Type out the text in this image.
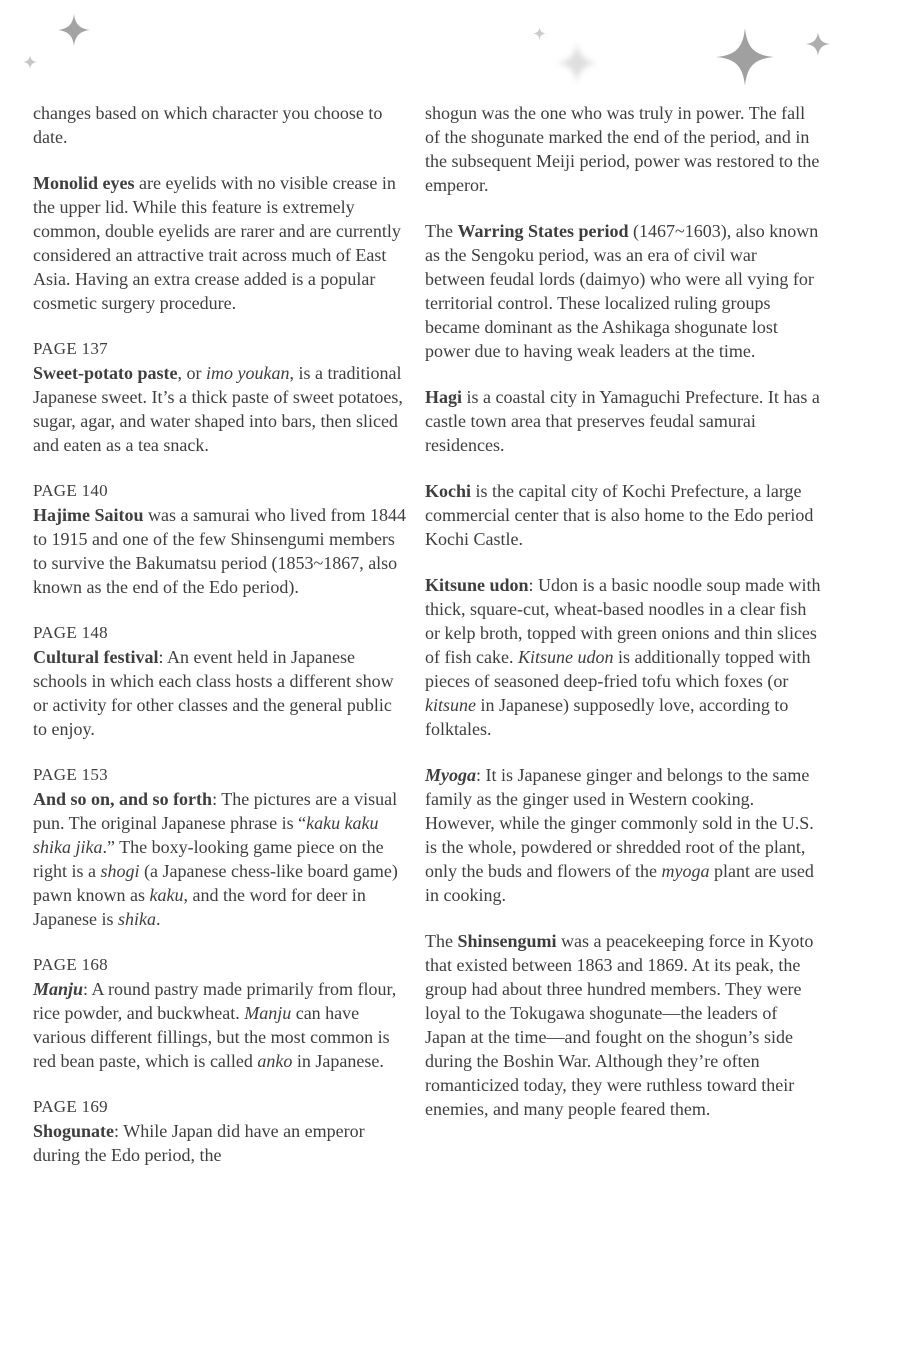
changes based on which character you choose to date.

Monolid eyes are eyelids with no visible crease in the upper lid. While this feature is extremely common, double eyelids are rarer and are currently considered an attractive trait across much of East Asia. Having an extra crease added is a popular cosmetic surgery procedure.

PAGE 137

Sweet-potato paste, or imo youkan, is a traditional Japanese sweet. It’s a thick paste of sweet potatoes, sugar, agar, and water shaped into bars, then sliced and eaten as a tea snack.

PAGE 140

Hajime Saitou was a samurai who lived from 1844 to 1915 and one of the few Shinsengumi members to survive the Bakumatsu period (1853~1867, also known as the end of the Edo period).

PAGE 148

Cultural festival: An event held in Japanese schools in which each class hosts a different show or activity for other classes and the general public to enjoy.

PAGE 153

And so on, and so forth: The pictures are a visual pun. The original Japanese phrase is “kaku kaku shika jika.” The boxy-looking game piece on the right is a shogi (a Japanese chess-like board game) pawn known as kaku, and the word for deer in Japanese is shika.

PAGE 168

Manju: A round pastry made primarily from flour, rice powder, and buckwheat. Manju can have various different fillings, but the most common is red bean paste, which is called anko in Japanese.

PAGE 169

Shogunate: While Japan did have an emperor during the Edo period, the

shogun was the one who was truly in power. The fall of the shogunate marked the end of the period, and in the subsequent Meiji period, power was restored to the emperor.

The Warring States period (1467~1603), also known as the Sengoku period, was an era of civil war between feudal lords (daimyo) who were all vying for territorial control. These localized ruling groups became dominant as the Ashikaga shogunate lost power due to having weak leaders at the time.

Hagi is a coastal city in Yamaguchi Prefecture. It has a castle town area that preserves feudal samurai residences.

Kochi is the capital city of Kochi Prefecture, a large commercial center that is also home to the Edo period Kochi Castle.

Kitsune udon: Udon is a basic noodle soup made with thick, square-cut, wheat-based noodles in a clear fish or kelp broth, topped with green onions and thin slices of fish cake. Kitsune udon is additionally topped with pieces of seasoned deep-fried tofu which foxes (or kitsune in Japanese) supposedly love, according to folktales.

Myoga: It is Japanese ginger and belongs to the same family as the ginger used in Western cooking. However, while the ginger commonly sold in the U.S. is the whole, powdered or shredded root of the plant, only the buds and flowers of the myoga plant are used in cooking.

The Shinsengumi was a peacekeeping force in Kyoto that existed between 1863 and 1869. At its peak, the group had about three hundred members. They were loyal to the Tokugawa shogunate—the leaders of Japan at the time—and fought on the shogun’s side during the Boshin War. Although they’re often romanticized today, they were ruthless toward their enemies, and many people feared them.
